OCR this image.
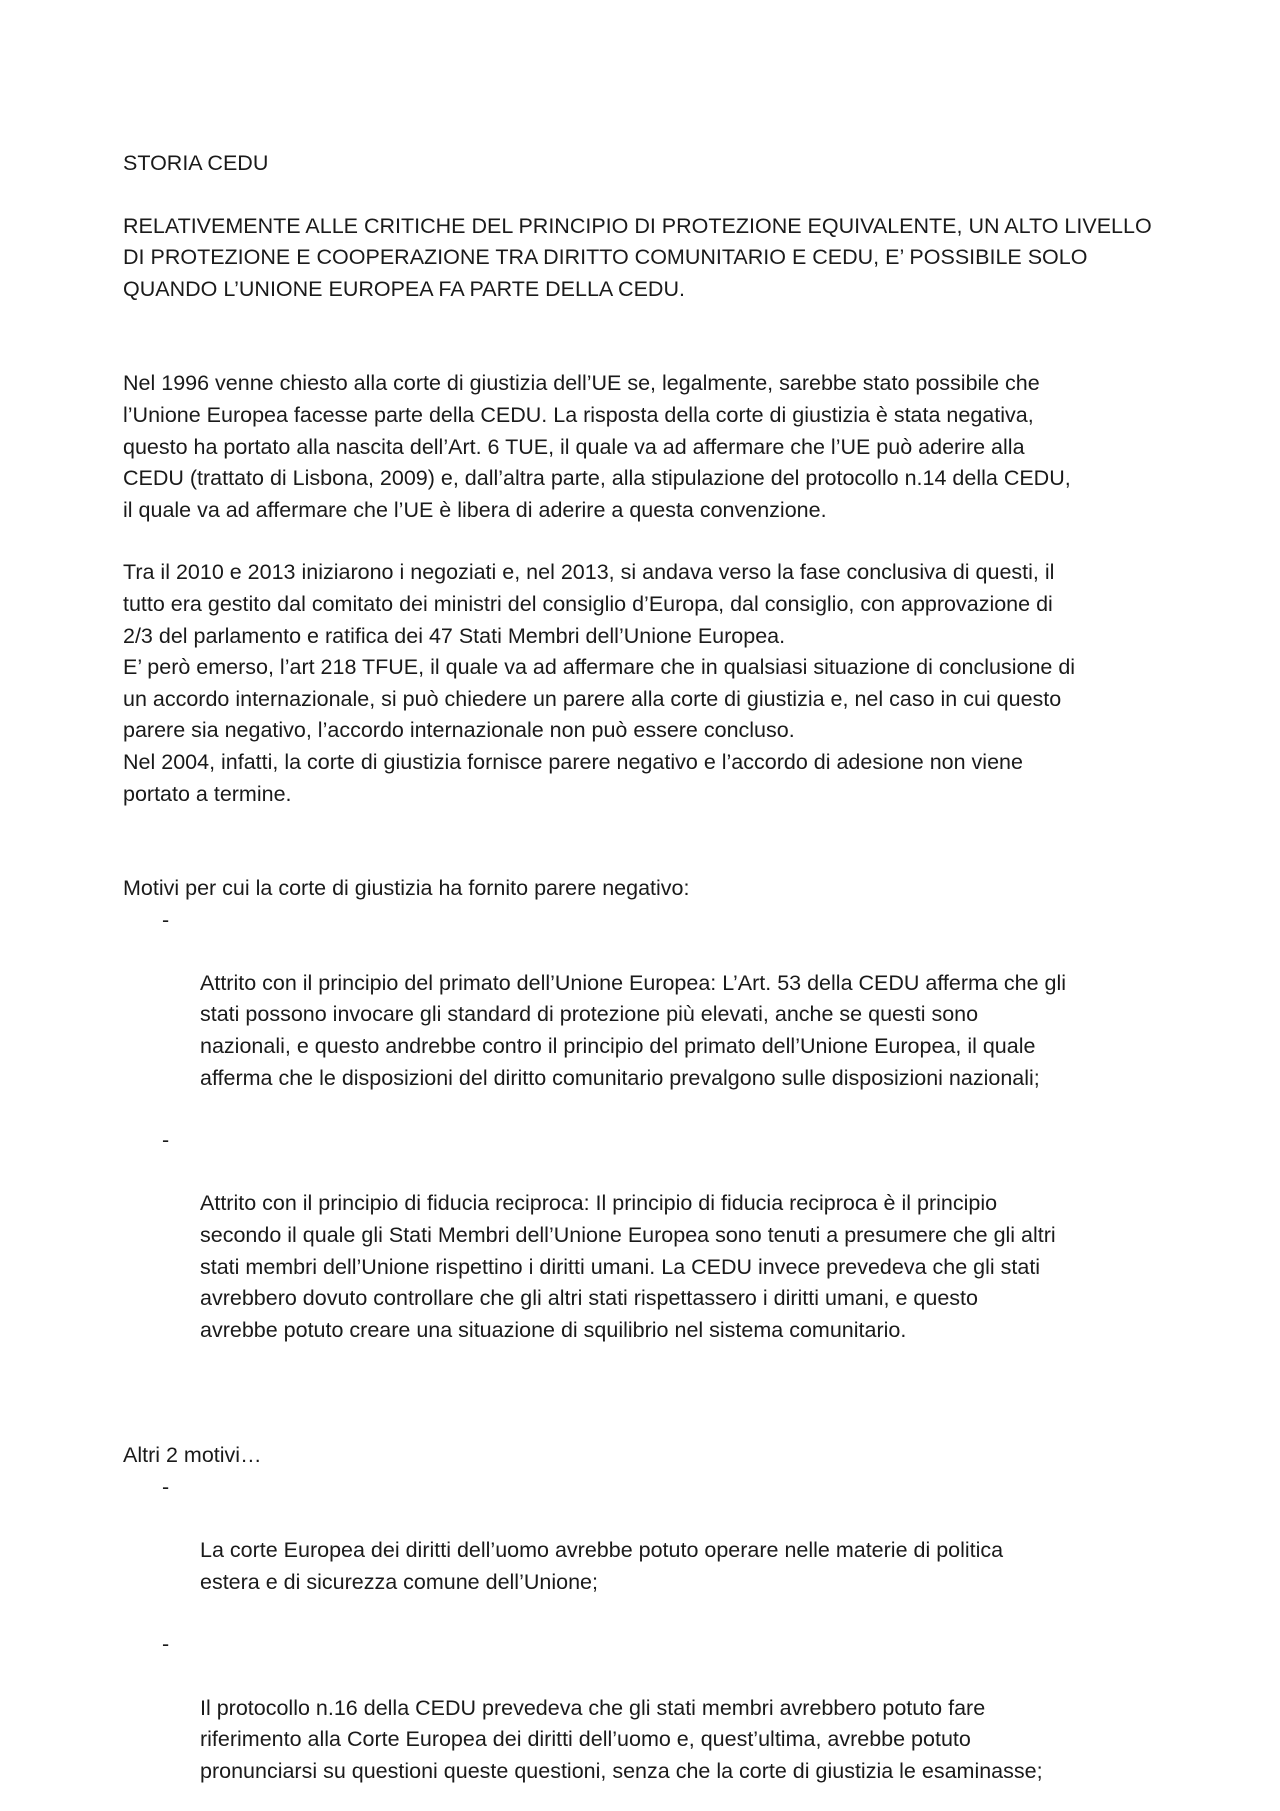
STORIA CEDU

RELATIVEMENTE ALLE CRITICHE DEL PRINCIPIO DI PROTEZIONE EQUIVALENTE, UN ALTO LIVELLO
DI PROTEZIONE E COOPERAZIONE TRA DIRITTO COMUNITARIO E CEDU, E’ POSSIBILE SOLO
QUANDO L’UNIONE EUROPEA FA PARTE DELLA CEDU.

Nel 1996 venne chiesto alla corte di giustizia dell’UE se, legalmente, sarebbe stato possibile che
l’Unione Europea facesse parte della CEDU. La risposta della corte di giustizia è stata negativa,
questo ha portato alla nascita dell’Art. 6 TUE, il quale va ad affermare che l’UE può aderire alla
CEDU (trattato di Lisbona, 2009) e, dall’altra parte, alla stipulazione del protocollo n.14 della CEDU,
il quale va ad affermare che l’UE è libera di aderire a questa convenzione.

Tra il 2010 e 2013 iniziarono i negoziati e, nel 2013, si andava verso la fase conclusiva di questi, il
tutto era gestito dal comitato dei ministri del consiglio d’Europa, dal consiglio, con approvazione di
2/3 del parlamento e ratifica dei 47 Stati Membri dell’Unione Europea.
E’ però emerso, l’art 218 TFUE, il quale va ad affermare che in qualsiasi situazione di conclusione di
un accordo internazionale, si può chiedere un parere alla corte di giustizia e, nel caso in cui questo
parere sia negativo, l’accordo internazionale non può essere concluso.
Nel 2004, infatti, la corte di giustizia fornisce parere negativo e l’accordo di adesione non viene
portato a termine.

Motivi per cui la corte di giustizia ha fornito parere negativo:

-

Attrito con il principio del primato dell’Unione Europea: L’Art. 53 della CEDU afferma che gli
stati possono invocare gli standard di protezione più elevati, anche se questi sono
nazionali, e questo andrebbe contro il principio del primato dell’Unione Europea, il quale
afferma che le disposizioni del diritto comunitario prevalgono sulle disposizioni nazionali;

-

Attrito con il principio di fiducia reciproca: Il principio di fiducia reciproca è il principio
secondo il quale gli Stati Membri dell’Unione Europea sono tenuti a presumere che gli altri
stati membri dell’Unione rispettino i diritti umani. La CEDU invece prevedeva che gli stati
avrebbero dovuto controllare che gli altri stati rispettassero i diritti umani, e questo
avrebbe potuto creare una situazione di squilibrio nel sistema comunitario.

Altri 2 motivi…

-

La corte Europea dei diritti dell’uomo avrebbe potuto operare nelle materie di politica
estera e di sicurezza comune dell’Unione;

-

Il protocollo n.16 della CEDU prevedeva che gli stati membri avrebbero potuto fare
riferimento alla Corte Europea dei diritti dell’uomo e, quest’ultima, avrebbe potuto
pronunciarsi su questioni queste questioni, senza che la corte di giustizia le esaminasse;
